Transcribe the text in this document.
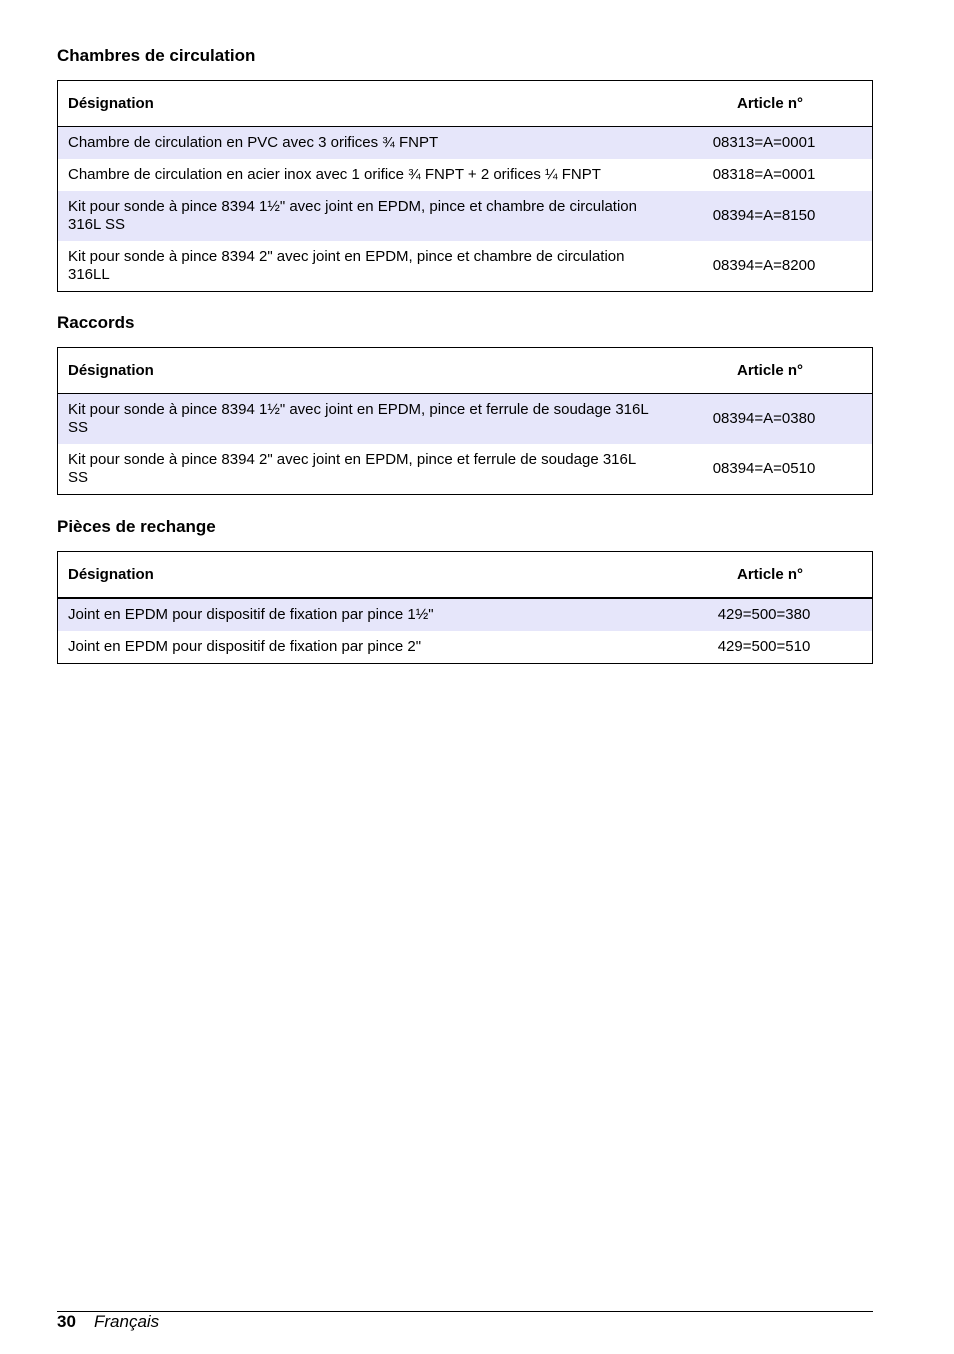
Chambres de circulation
Désignation	Article n°
Chambre de circulation en PVC avec 3 orifices ¾ FNPT	08313=A=0001
Chambre de circulation en acier inox avec 1 orifice ¾ FNPT + 2 orifices ¼ FNPT	08318=A=0001
Kit pour sonde à pince 8394 1½" avec joint en EPDM, pince et chambre de circulation 316L SS	08394=A=8150
Kit pour sonde à pince 8394 2" avec joint en EPDM, pince et chambre de circulation 316LL	08394=A=8200
Raccords
Désignation	Article n°
Kit pour sonde à pince 8394 1½" avec joint en EPDM, pince et ferrule de soudage 316L SS	08394=A=0380
Kit pour sonde à pince 8394 2" avec joint en EPDM, pince et ferrule de soudage 316L SS	08394=A=0510
Pièces de rechange
Désignation	Article n°
Joint en EPDM pour dispositif de fixation par pince 1½"	429=500=380
Joint en EPDM pour dispositif de fixation par pince 2"	429=500=510
30 Français
